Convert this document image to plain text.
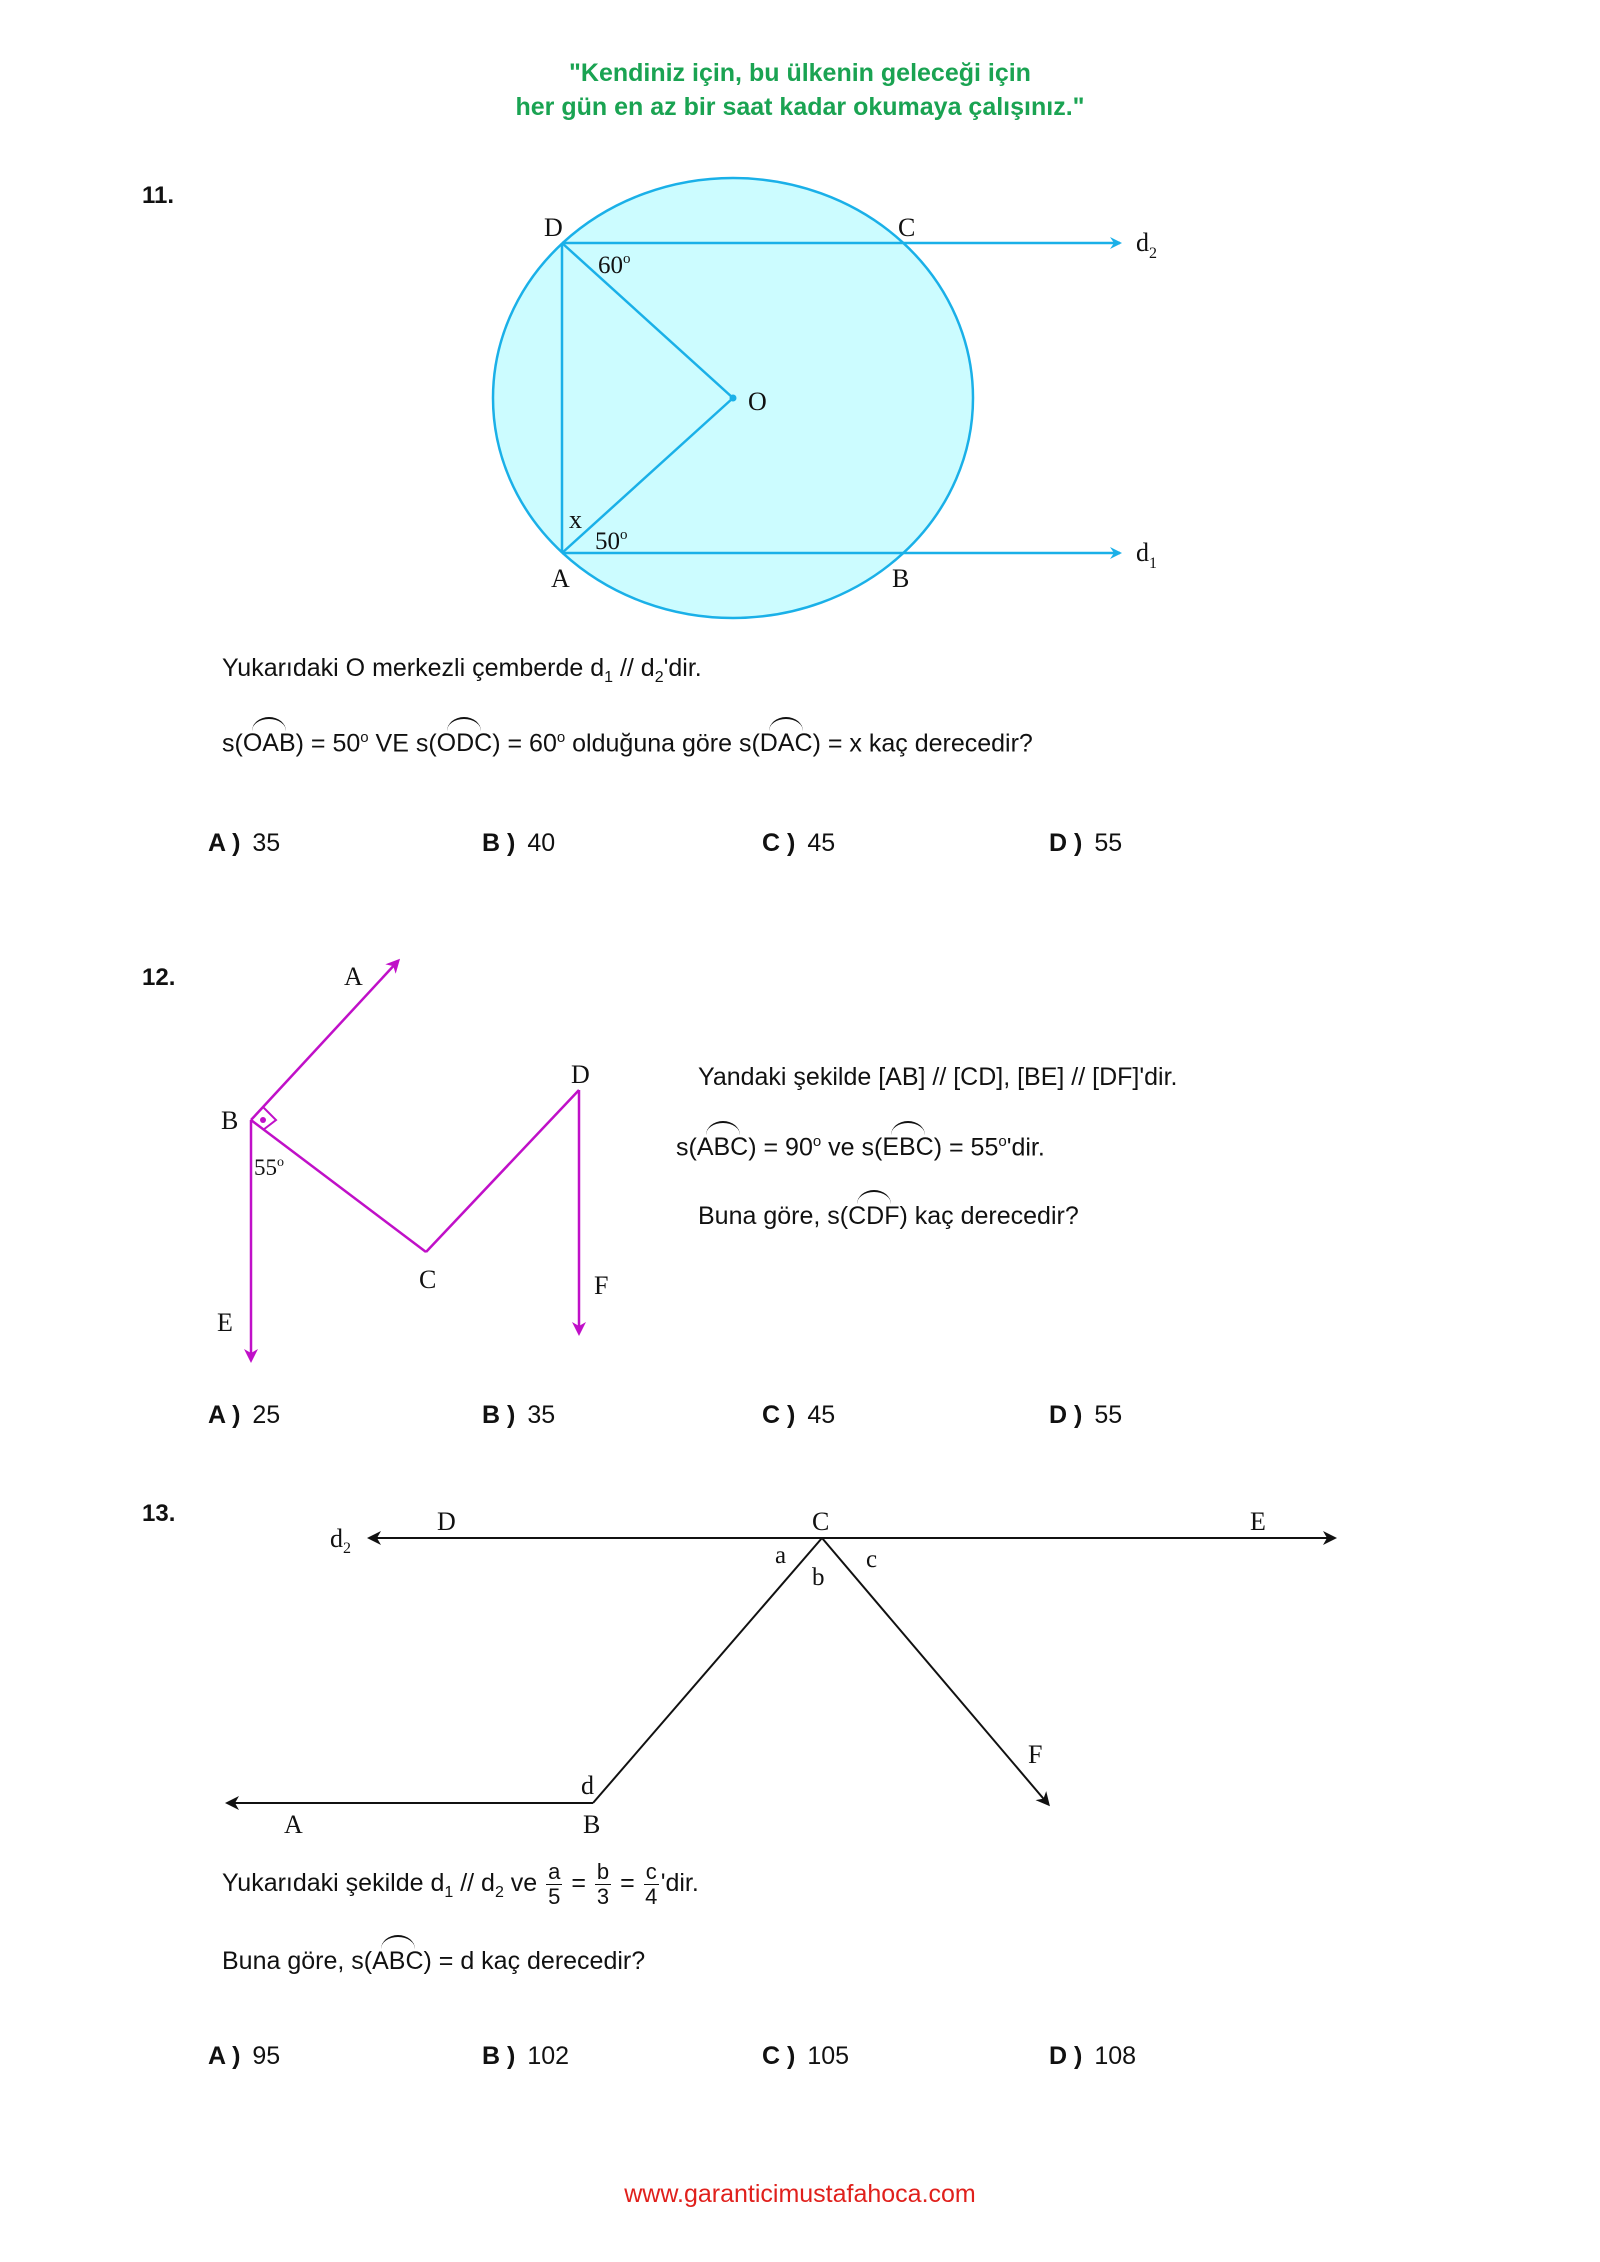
"Kendiniz için, bu ülkenin geleceği için
her gün en az bir saat kadar okumaya çalışınız."
11.
D	C
O
A	B
x
60$^o$
50$^o$
$d_2$
$d_1$
Yukarıdaki O merkezli çemberde $d_1 // d_2'dir$.
$s(OAB) = 50^o$ VE $s(ODC) = 60^o$ olduğuna göre s(DAC) = x kaç derecedir?
A ) 35	B ) 40	C ) 45	D ) 55
12.	A
B
C
D
E
F
55$^o$
Yandaki şekilde [AB] // [CD], [BE] // [DF]'dir.
$s(ABC) = 90^o$ ve $s(EBC) = 55^o'dir$.
Buna göre, s(CDF) kaç derecedir?
A ) 25	B ) 35	C ) 45	D ) 55
13.
$d_2$
D	C	E
a
b
c
F
d
A	B
Yukarıdaki şekilde $d_1 // d_2$ ve $\frac{a}{5} = \frac{b}{3} = \frac{c}{4}$ 'dir.
Buna göre, s(ABC) = d kaç derecedir?
A ) 95	B ) 102	C ) 105	D ) 108
www.garanticimustafahoca.com
